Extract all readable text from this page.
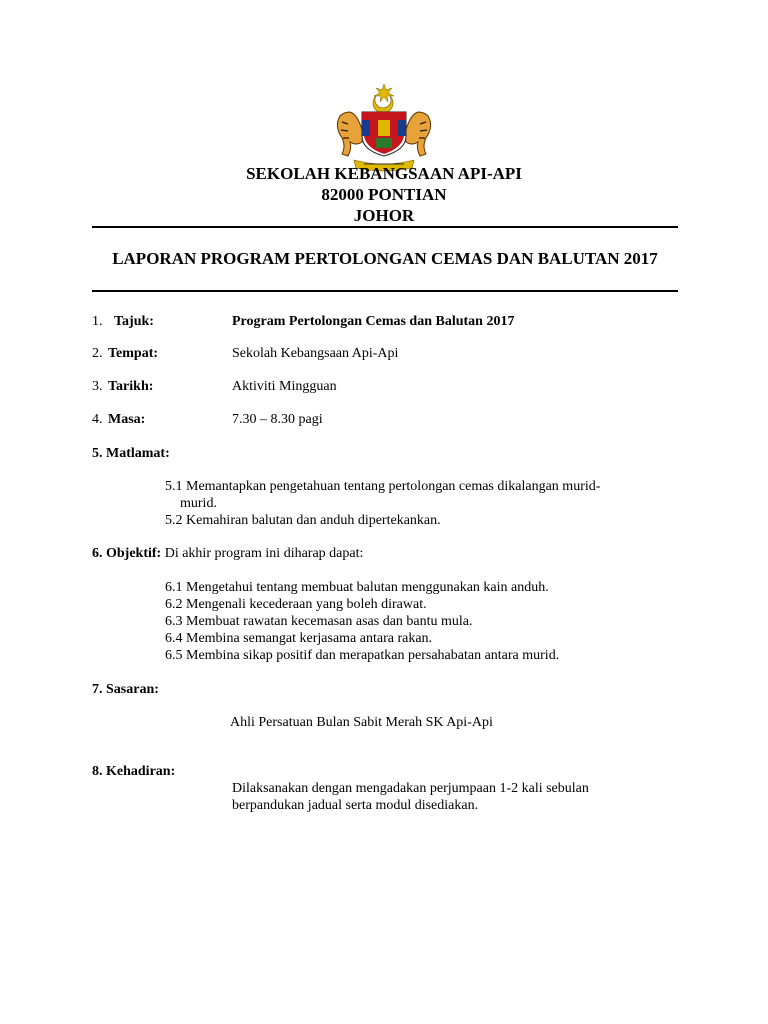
SEKOLAH KEBANGSAAN API-API
82000 PONTIAN
JOHOR
LAPORAN PROGRAM PERTOLONGAN CEMAS DAN BALUTAN 2017
1. Tajuk:	Program Pertolongan Cemas dan Balutan 2017
2. Tempat:	Sekolah Kebangsaan Api-Api
3. Tarikh:	Aktiviti Mingguan
4. Masa:	7.30 – 8.30 pagi
5. Matlamat:
5.1 Memantapkan pengetahuan tentang pertolongan cemas dikalangan murid-
murid.
5.2 Kemahiran balutan dan anduh dipertekankan.
6. Objektif: Di akhir program ini diharap dapat:
6.1 Mengetahui tentang membuat balutan menggunakan kain anduh.
6.2 Mengenali kecederaan yang boleh dirawat.
6.3 Membuat rawatan kecemasan asas dan bantu mula.
6.4 Membina semangat kerjasama antara rakan.
6.5 Membina sikap positif dan merapatkan persahabatan antara murid.
7. Sasaran:
Ahli Persatuan Bulan Sabit Merah SK Api-Api
8. Kehadiran:
Dilaksanakan dengan mengadakan perjumpaan 1-2 kali sebulan
berpandukan jadual serta modul disediakan.
